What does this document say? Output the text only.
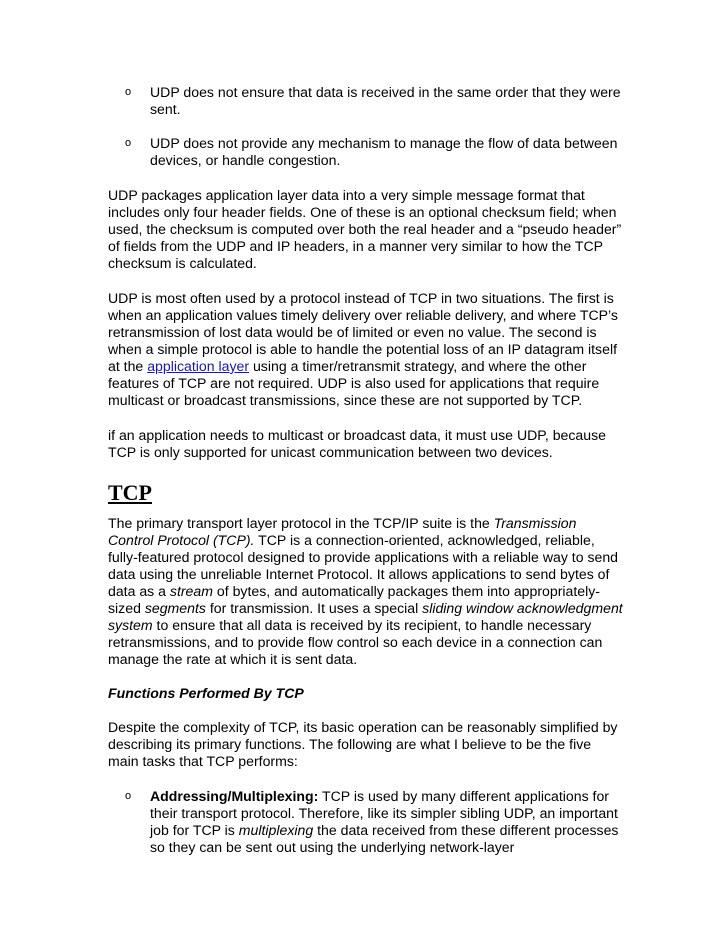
o UDP does not ensure that data is received in the same order that they were sent.
o UDP does not provide any mechanism to manage the flow of data between devices, or handle congestion.

UDP packages application layer data into a very simple message format that includes only four header fields. One of these is an optional checksum field; when used, the checksum is computed over both the real header and a “pseudo header” of fields from the UDP and IP headers, in a manner very similar to how the TCP checksum is calculated.

UDP is most often used by a protocol instead of TCP in two situations. The first is when an application values timely delivery over reliable delivery, and where TCP’s retransmission of lost data would be of limited or even no value. The second is when a simple protocol is able to handle the potential loss of an IP datagram itself at the application layer using a timer/retransmit strategy, and where the other features of TCP are not required. UDP is also used for applications that require multicast or broadcast transmissions, since these are not supported by TCP.

if an application needs to multicast or broadcast data, it must use UDP, because TCP is only supported for unicast communication between two devices.

TCP

The primary transport layer protocol in the TCP/IP suite is the Transmission Control Protocol (TCP). TCP is a connection-oriented, acknowledged, reliable, fully-featured protocol designed to provide applications with a reliable way to send data using the unreliable Internet Protocol. It allows applications to send bytes of data as a stream of bytes, and automatically packages them into appropriately-sized segments for transmission. It uses a special sliding window acknowledgment system to ensure that all data is received by its recipient, to handle necessary retransmissions, and to provide flow control so each device in a connection can manage the rate at which it is sent data.

Functions Performed By TCP

Despite the complexity of TCP, its basic operation can be reasonably simplified by describing its primary functions. The following are what I believe to be the five main tasks that TCP performs:

o Addressing/Multiplexing: TCP is used by many different applications for their transport protocol. Therefore, like its simpler sibling UDP, an important job for TCP is multiplexing the data received from these different processes so they can be sent out using the underlying network-layer
